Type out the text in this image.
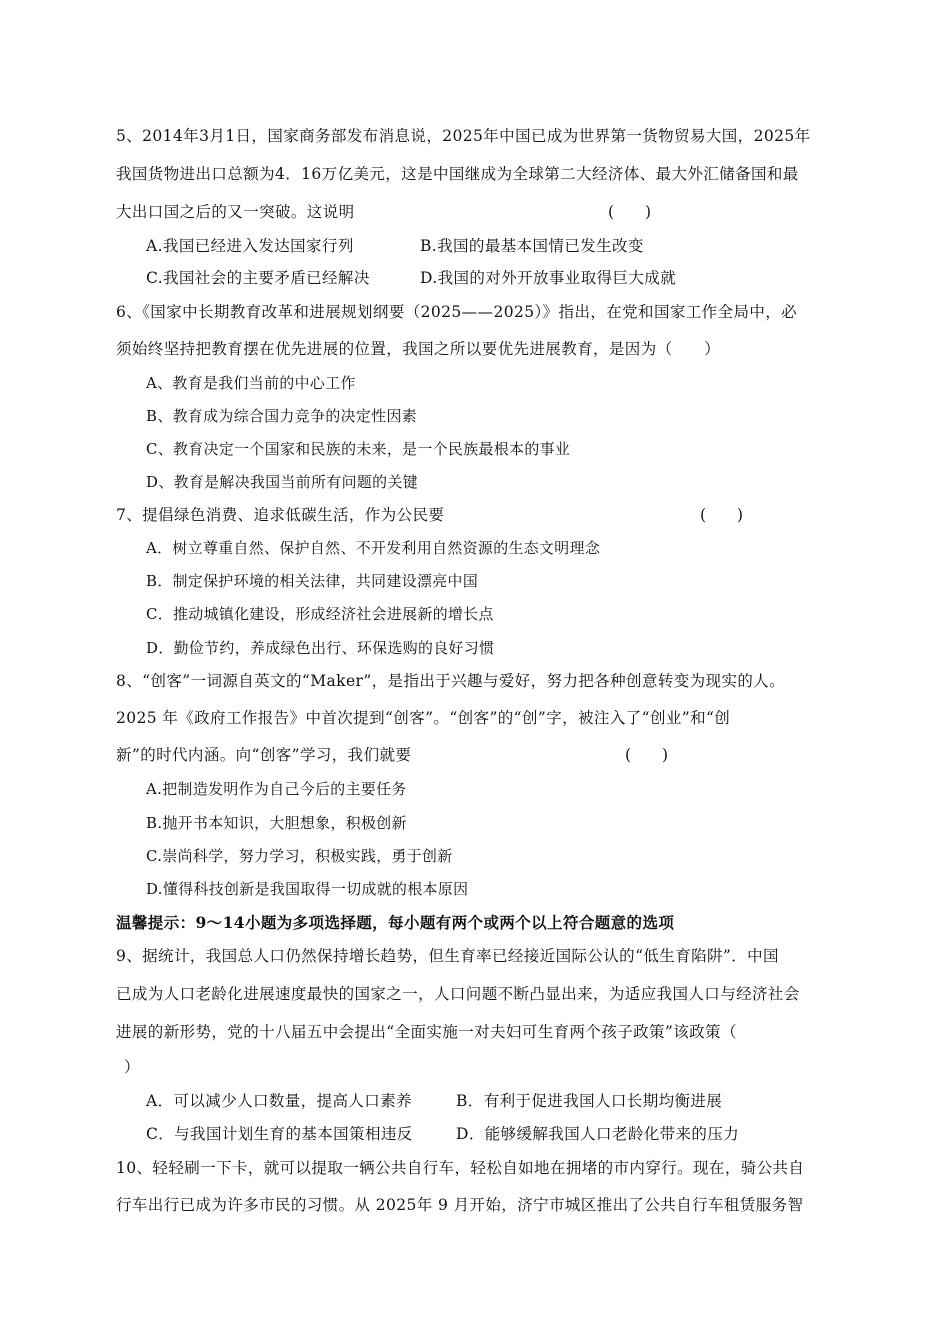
5、2014年3月1日，国家商务部发布消息说，2025年中国已成为世界第一货物贸易大国，2025年
我国货物进出口总额为4．16万亿美元，这是中国继成为全球第二大经济体、最大外汇储备国和最
大出口国之后的又一突破。这说明	(　　)
A.我国已经进入发达国家行列	B.我国的最基本国情已发生改变
C.我国社会的主要矛盾已经解决	D.我国的对外开放事业取得巨大成就
6、《国家中长期教育改革和进展规划纲要（2025——2025）》指出，在党和国家工作全局中，必
须始终坚持把教育摆在优先进展的位置，我国之所以要优先进展教育，是因为（　　）
A、教育是我们当前的中心工作
B、教育成为综合国力竞争的决定性因素
C、教育决定一个国家和民族的未来，是一个民族最根本的事业
D、教育是解决我国当前所有问题的关键
7、提倡绿色消费、追求低碳生活，作为公民要	(　　)
A．树立尊重自然、保护自然、不开发利用自然资源的生态文明理念
B．制定保护环境的相关法律，共同建设漂亮中国
C．推动城镇化建设，形成经济社会进展新的增长点
D．勤俭节约，养成绿色出行、环保选购的良好习惯
8、“创客”一词源自英文的“Maker”，是指出于兴趣与爱好，努力把各种创意转变为现实的人。
2025 年《政府工作报告》中首次提到“创客”。“创客”的“创”字，被注入了“创业”和“创
新”的时代内涵。向“创客”学习，我们就要	(　　)
A.把制造发明作为自己今后的主要任务
B.抛开书本知识，大胆想象，积极创新
C.崇尚科学，努力学习，积极实践，勇于创新
D.懂得科技创新是我国取得一切成就的根本原因
温馨提示：9～14小题为多项选择题，每小题有两个或两个以上符合题意的选项
9、据统计，我国总人口仍然保持增长趋势，但生育率已经接近国际公认的“低生育陷阱”．中国
已成为人口老龄化进展速度最快的国家之一，人口问题不断凸显出来，为适应我国人口与经济社会
进展的新形势，党的十八届五中会提出“全面实施一对夫妇可生育两个孩子政策”该政策（
）
A．可以减少人口数量，提高人口素养	B．有利于促进我国人口长期均衡进展
C．与我国计划生育的基本国策相违反	D．能够缓解我国人口老龄化带来的压力
10、轻轻刷一下卡，就可以提取一辆公共自行车，轻松自如地在拥堵的市内穿行。现在，骑公共自
行车出行已成为许多市民的习惯。从 2025年 9 月开始，济宁市城区推出了公共自行车租赁服务智
